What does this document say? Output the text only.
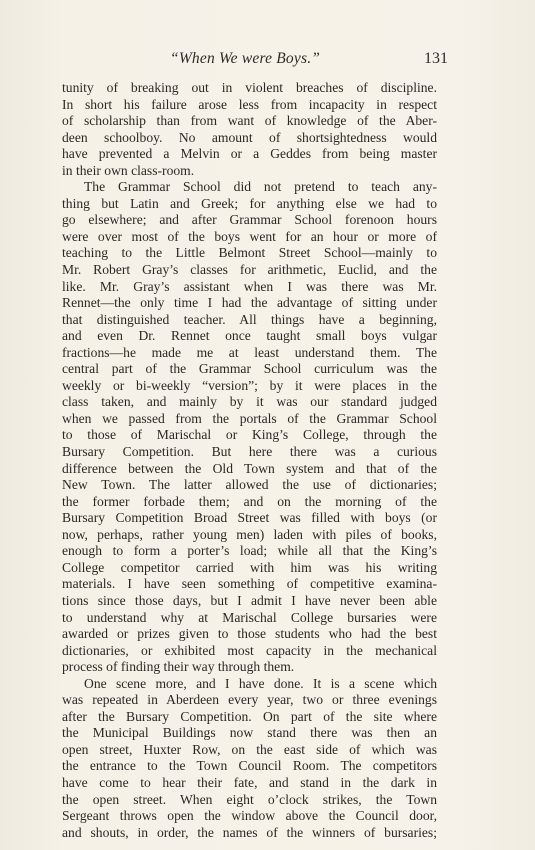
“When We were Boys.”	131
tunity of breaking out in violent breaches of discipline.
In short his failure arose less from incapacity in respect
of scholarship than from want of knowledge of the Aber-
deen schoolboy. No amount of shortsightedness would
have prevented a Melvin or a Geddes from being master
in their own class-room.
The Grammar School did not pretend to teach any-
thing but Latin and Greek; for anything else we had to
go elsewhere; and after Grammar School forenoon hours
were over most of the boys went for an hour or more of
teaching to the Little Belmont Street School—mainly to
Mr. Robert Gray’s classes for arithmetic, Euclid, and the
like. Mr. Gray’s assistant when I was there was Mr.
Rennet—the only time I had the advantage of sitting under
that distinguished teacher. All things have a beginning,
and even Dr. Rennet once taught small boys vulgar
fractions—he made me at least understand them. The
central part of the Grammar School curriculum was the
weekly or bi-weekly “version”; by it were places in the
class taken, and mainly by it was our standard judged
when we passed from the portals of the Grammar School
to those of Marischal or King’s College, through the
Bursary Competition. But here there was a curious
difference between the Old Town system and that of the
New Town. The latter allowed the use of dictionaries;
the former forbade them; and on the morning of the
Bursary Competition Broad Street was filled with boys (or
now, perhaps, rather young men) laden with piles of books,
enough to form a porter’s load; while all that the King’s
College competitor carried with him was his writing
materials. I have seen something of competitive examina-
tions since those days, but I admit I have never been able
to understand why at Marischal College bursaries were
awarded or prizes given to those students who had the best
dictionaries, or exhibited most capacity in the mechanical
process of finding their way through them.
One scene more, and I have done. It is a scene which
was repeated in Aberdeen every year, two or three evenings
after the Bursary Competition. On part of the site where
the Municipal Buildings now stand there was then an
open street, Huxter Row, on the east side of which was
the entrance to the Town Council Room. The competitors
have come to hear their fate, and stand in the dark in
the open street. When eight o’clock strikes, the Town
Sergeant throws open the window above the Council door,
and shouts, in order, the names of the winners of bursaries;
